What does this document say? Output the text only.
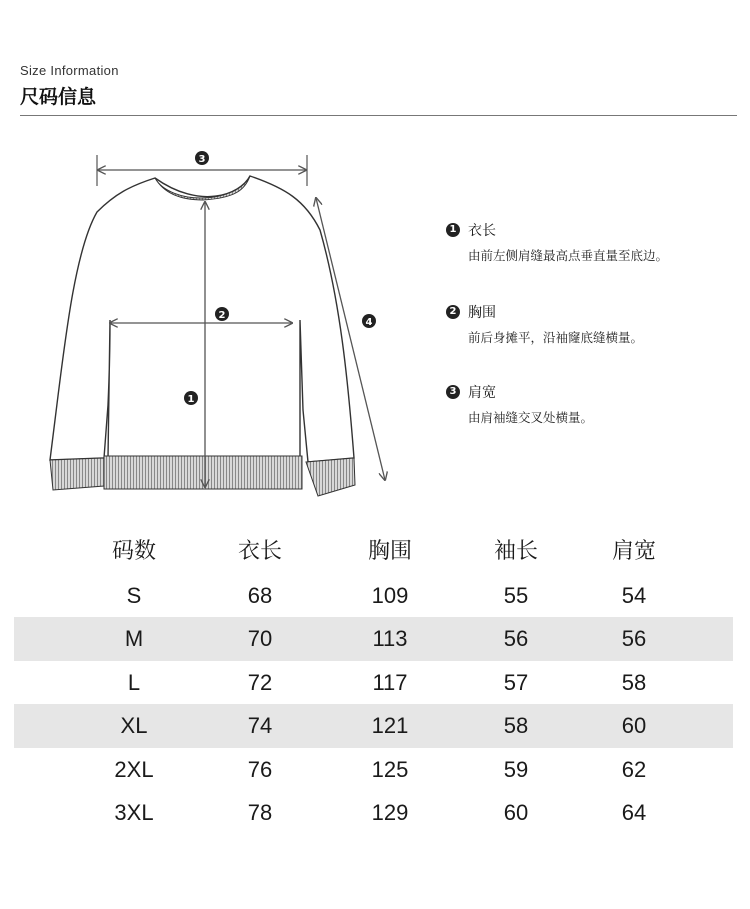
Size Information
尺码信息
3
2
1
4
1 衣长
由前左侧肩缝最高点垂直量至底边。
2 胸围
前后身摊平，沿袖窿底缝横量。
3 肩宽
由肩袖缝交叉处横量。
码数	衣长	胸围	袖长	肩宽
S	68	109	55	54
M	70	113	56	56
L	72	117	57	58
XL	74	121	58	60
2XL	76	125	59	62
3XL	78	129	60	64
